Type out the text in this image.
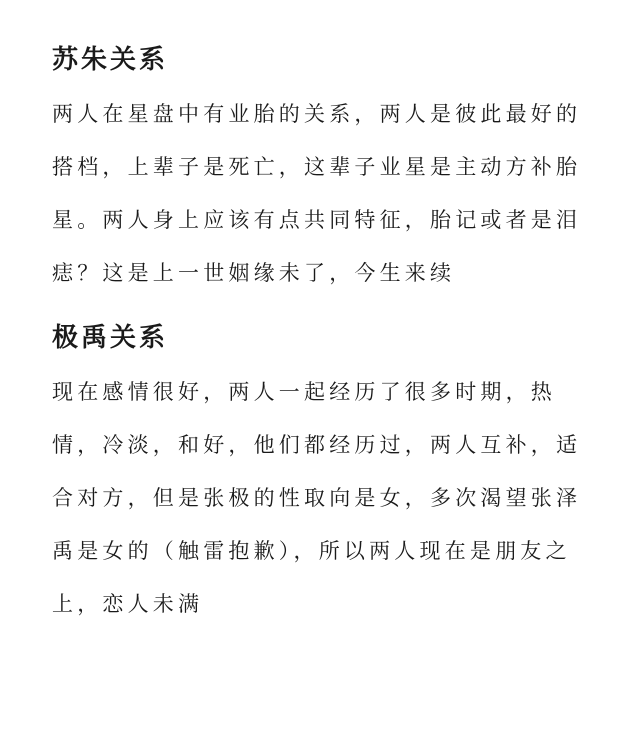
苏朱关系

两人在星盘中有业胎的关系，两人是彼此最好的搭档，上辈子是死亡，这辈子业星是主动方补胎星。两人身上应该有点共同特征，胎记或者是泪痣？这是上一世姻缘未了，今生来续

极禹关系

现在感情很好，两人一起经历了很多时期，热情，冷淡，和好，他们都经历过，两人互补，适合对方，但是张极的性取向是女，多次渴望张泽禹是女的（触雷抱歉），所以两人现在是朋友之上，恋人未满
